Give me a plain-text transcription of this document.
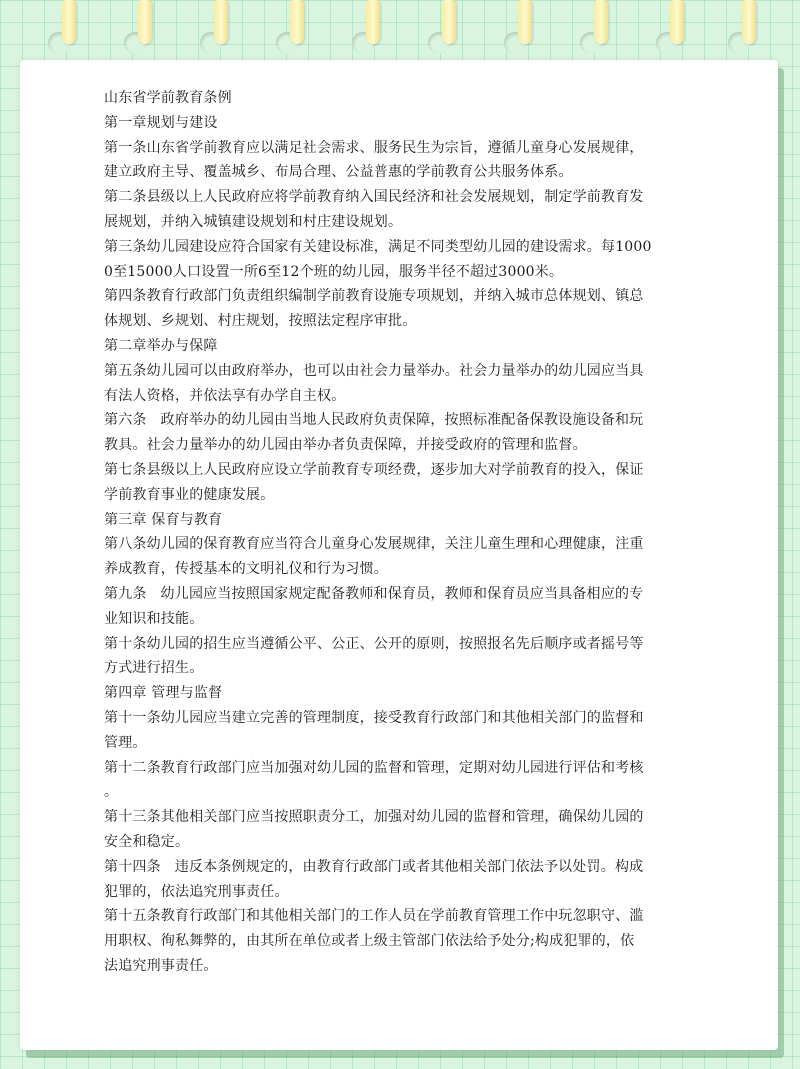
山东省学前教育条例
第一章规划与建设
第一条山东省学前教育应以满足社会需求、服务民生为宗旨，遵循儿童身心发展规律，
建立政府主导、覆盖城乡、布局合理、公益普惠的学前教育公共服务体系。
第二条县级以上人民政府应将学前教育纳入国民经济和社会发展规划，制定学前教育发
展规划，并纳入城镇建设规划和村庄建设规划。
第三条幼儿园建设应符合国家有关建设标准，满足不同类型幼儿园的建设需求。每1000
0至15000人口设置一所6至12个班的幼儿园，服务半径不超过3000米。
第四条教育行政部门负责组织编制学前教育设施专项规划，并纳入城市总体规划、镇总
体规划、乡规划、村庄规划，按照法定程序审批。
第二章举办与保障
第五条幼儿园可以由政府举办，也可以由社会力量举办。社会力量举办的幼儿园应当具
有法人资格，并依法享有办学自主权。
第六条   政府举办的幼儿园由当地人民政府负责保障，按照标准配备保教设施设备和玩
教具。社会力量举办的幼儿园由举办者负责保障，并接受政府的管理和监督。
第七条县级以上人民政府应设立学前教育专项经费，逐步加大对学前教育的投入，保证
学前教育事业的健康发展。
第三章 保育与教育
第八条幼儿园的保育教育应当符合儿童身心发展规律，关注儿童生理和心理健康，注重
养成教育，传授基本的文明礼仪和行为习惯。
第九条   幼儿园应当按照国家规定配备教师和保育员，教师和保育员应当具备相应的专
业知识和技能。
第十条幼儿园的招生应当遵循公平、公正、公开的原则，按照报名先后顺序或者摇号等
方式进行招生。
第四章 管理与监督
第十一条幼儿园应当建立完善的管理制度，接受教育行政部门和其他相关部门的监督和
管理。
第十二条教育行政部门应当加强对幼儿园的监督和管理，定期对幼儿园进行评估和考核
。
第十三条其他相关部门应当按照职责分工，加强对幼儿园的监督和管理，确保幼儿园的
安全和稳定。
第十四条   违反本条例规定的，由教育行政部门或者其他相关部门依法予以处罚。构成
犯罪的，依法追究刑事责任。
第十五条教育行政部门和其他相关部门的工作人员在学前教育管理工作中玩忽职守、滥
用职权、徇私舞弊的，由其所在单位或者上级主管部门依法给予处分;构成犯罪的，依
法追究刑事责任。
